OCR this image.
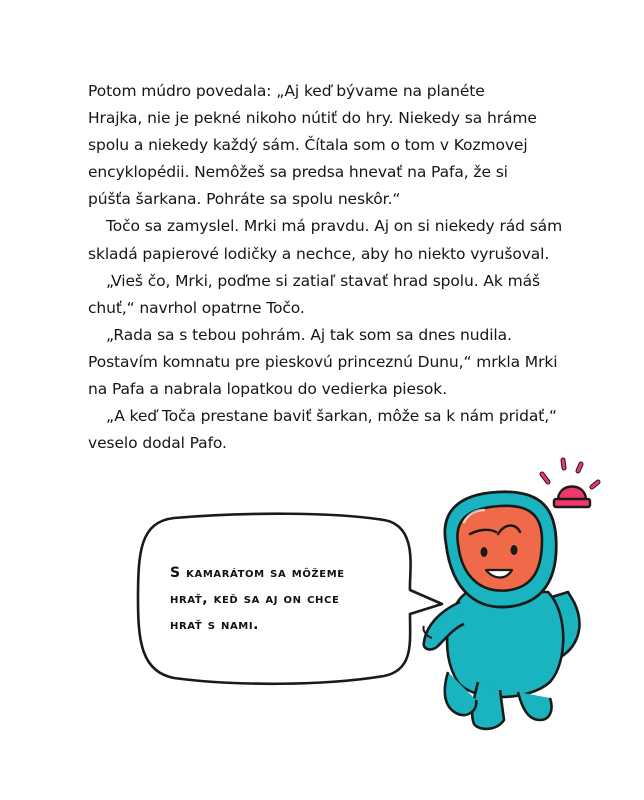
Potom múdro povedala: „Aj keď bývame na planéte
Hrajka, nie je pekné nikoho nútiť do hry. Niekedy sa hráme
spolu a niekedy každý sám. Čítala som o tom v Kozmovej
encyklopédii. Nemôžeš sa predsa hnevať na Pafa, že si
púšťa šarkana. Pohráte sa spolu neskôr.“

Točo sa zamyslel. Mrki má pravdu. Aj on si niekedy rád sám
skladá papierové lodičky a nechce, aby ho niekto vyrušoval.

„Vieš čo, Mrki, poďme si zatiaľ stavať hrad spolu. Ak máš
chuť,“ navrhol opatrne Točo.

„Rada sa s tebou pohrám. Aj tak som sa dnes nudila.
Postavím komnatu pre pieskovú princeznú Dunu,“ mrkla Mrki
na Pafa a nabrala lopatkou do vedierka piesok.

„A keď Toča prestane baviť šarkan, môže sa k nám pridať,“
veselo dodal Pafo.

S kamarátom sa môžeme
hrať, keď sa aj on chce
hrať s nami.
